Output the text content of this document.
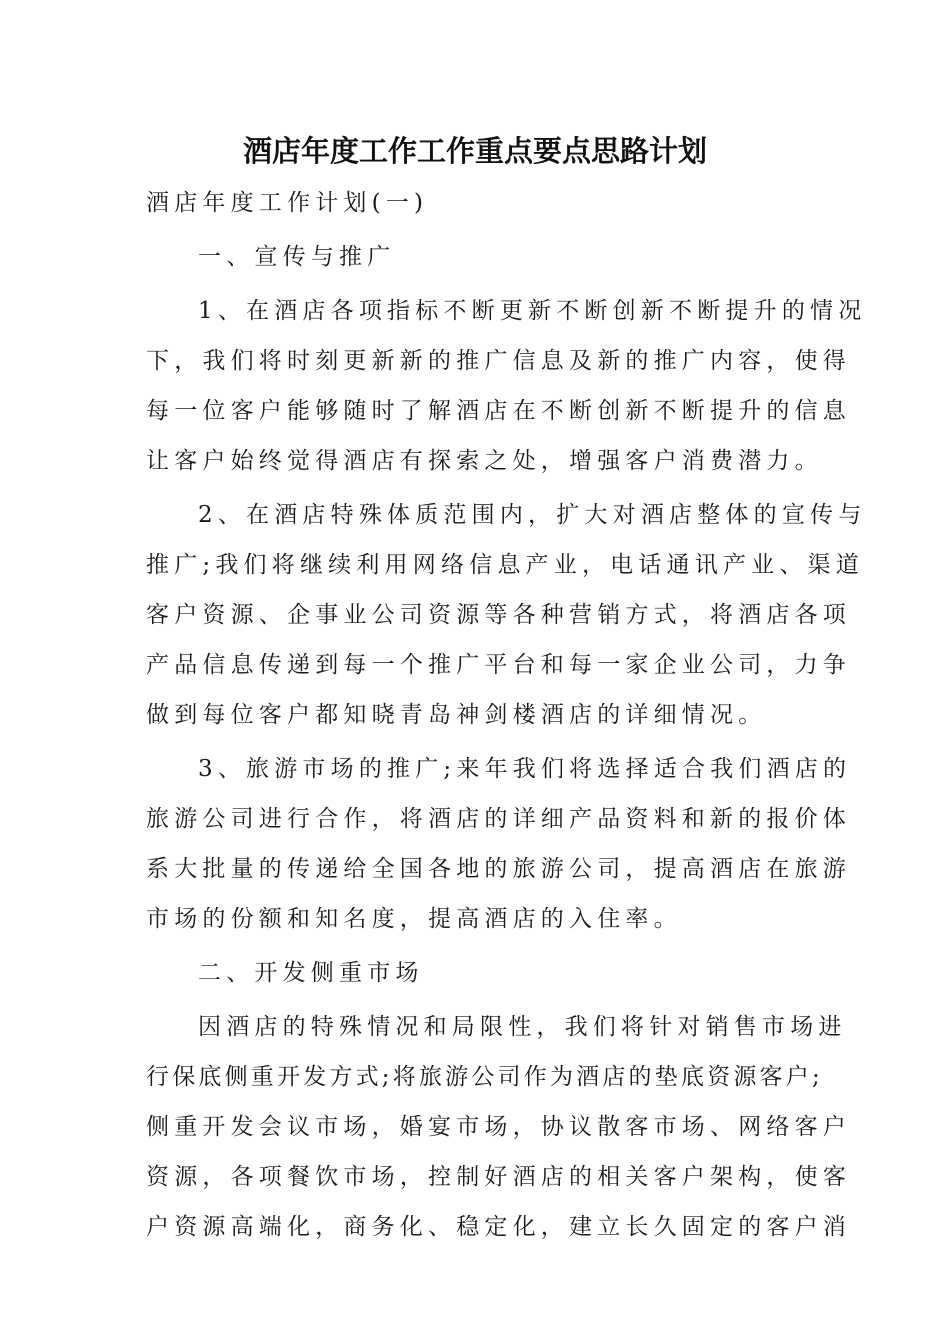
酒店年度工作工作重点要点思路计划
酒店年度工作计划(一)
一、宣传与推广
1、在酒店各项指标不断更新不断创新不断提升的情况
下，我们将时刻更新新的推广信息及新的推广内容，使得
每一位客户能够随时了解酒店在不断创新不断提升的信息
让客户始终觉得酒店有探索之处，增强客户消费潜力。
2、在酒店特殊体质范围内，扩大对酒店整体的宣传与
推广;我们将继续利用网络信息产业，电话通讯产业、渠道
客户资源、企事业公司资源等各种营销方式，将酒店各项
产品信息传递到每一个推广平台和每一家企业公司，力争
做到每位客户都知晓青岛神剑楼酒店的详细情况。
3、旅游市场的推广;来年我们将选择适合我们酒店的
旅游公司进行合作，将酒店的详细产品资料和新的报价体
系大批量的传递给全国各地的旅游公司，提高酒店在旅游
市场的份额和知名度，提高酒店的入住率。
二、开发侧重市场
因酒店的特殊情况和局限性，我们将针对销售市场进
行保底侧重开发方式;将旅游公司作为酒店的垫底资源客户;
侧重开发会议市场，婚宴市场，协议散客市场、网络客户
资源，各项餐饮市场，控制好酒店的相关客户架构，使客
户资源高端化，商务化、稳定化，建立长久固定的客户消
